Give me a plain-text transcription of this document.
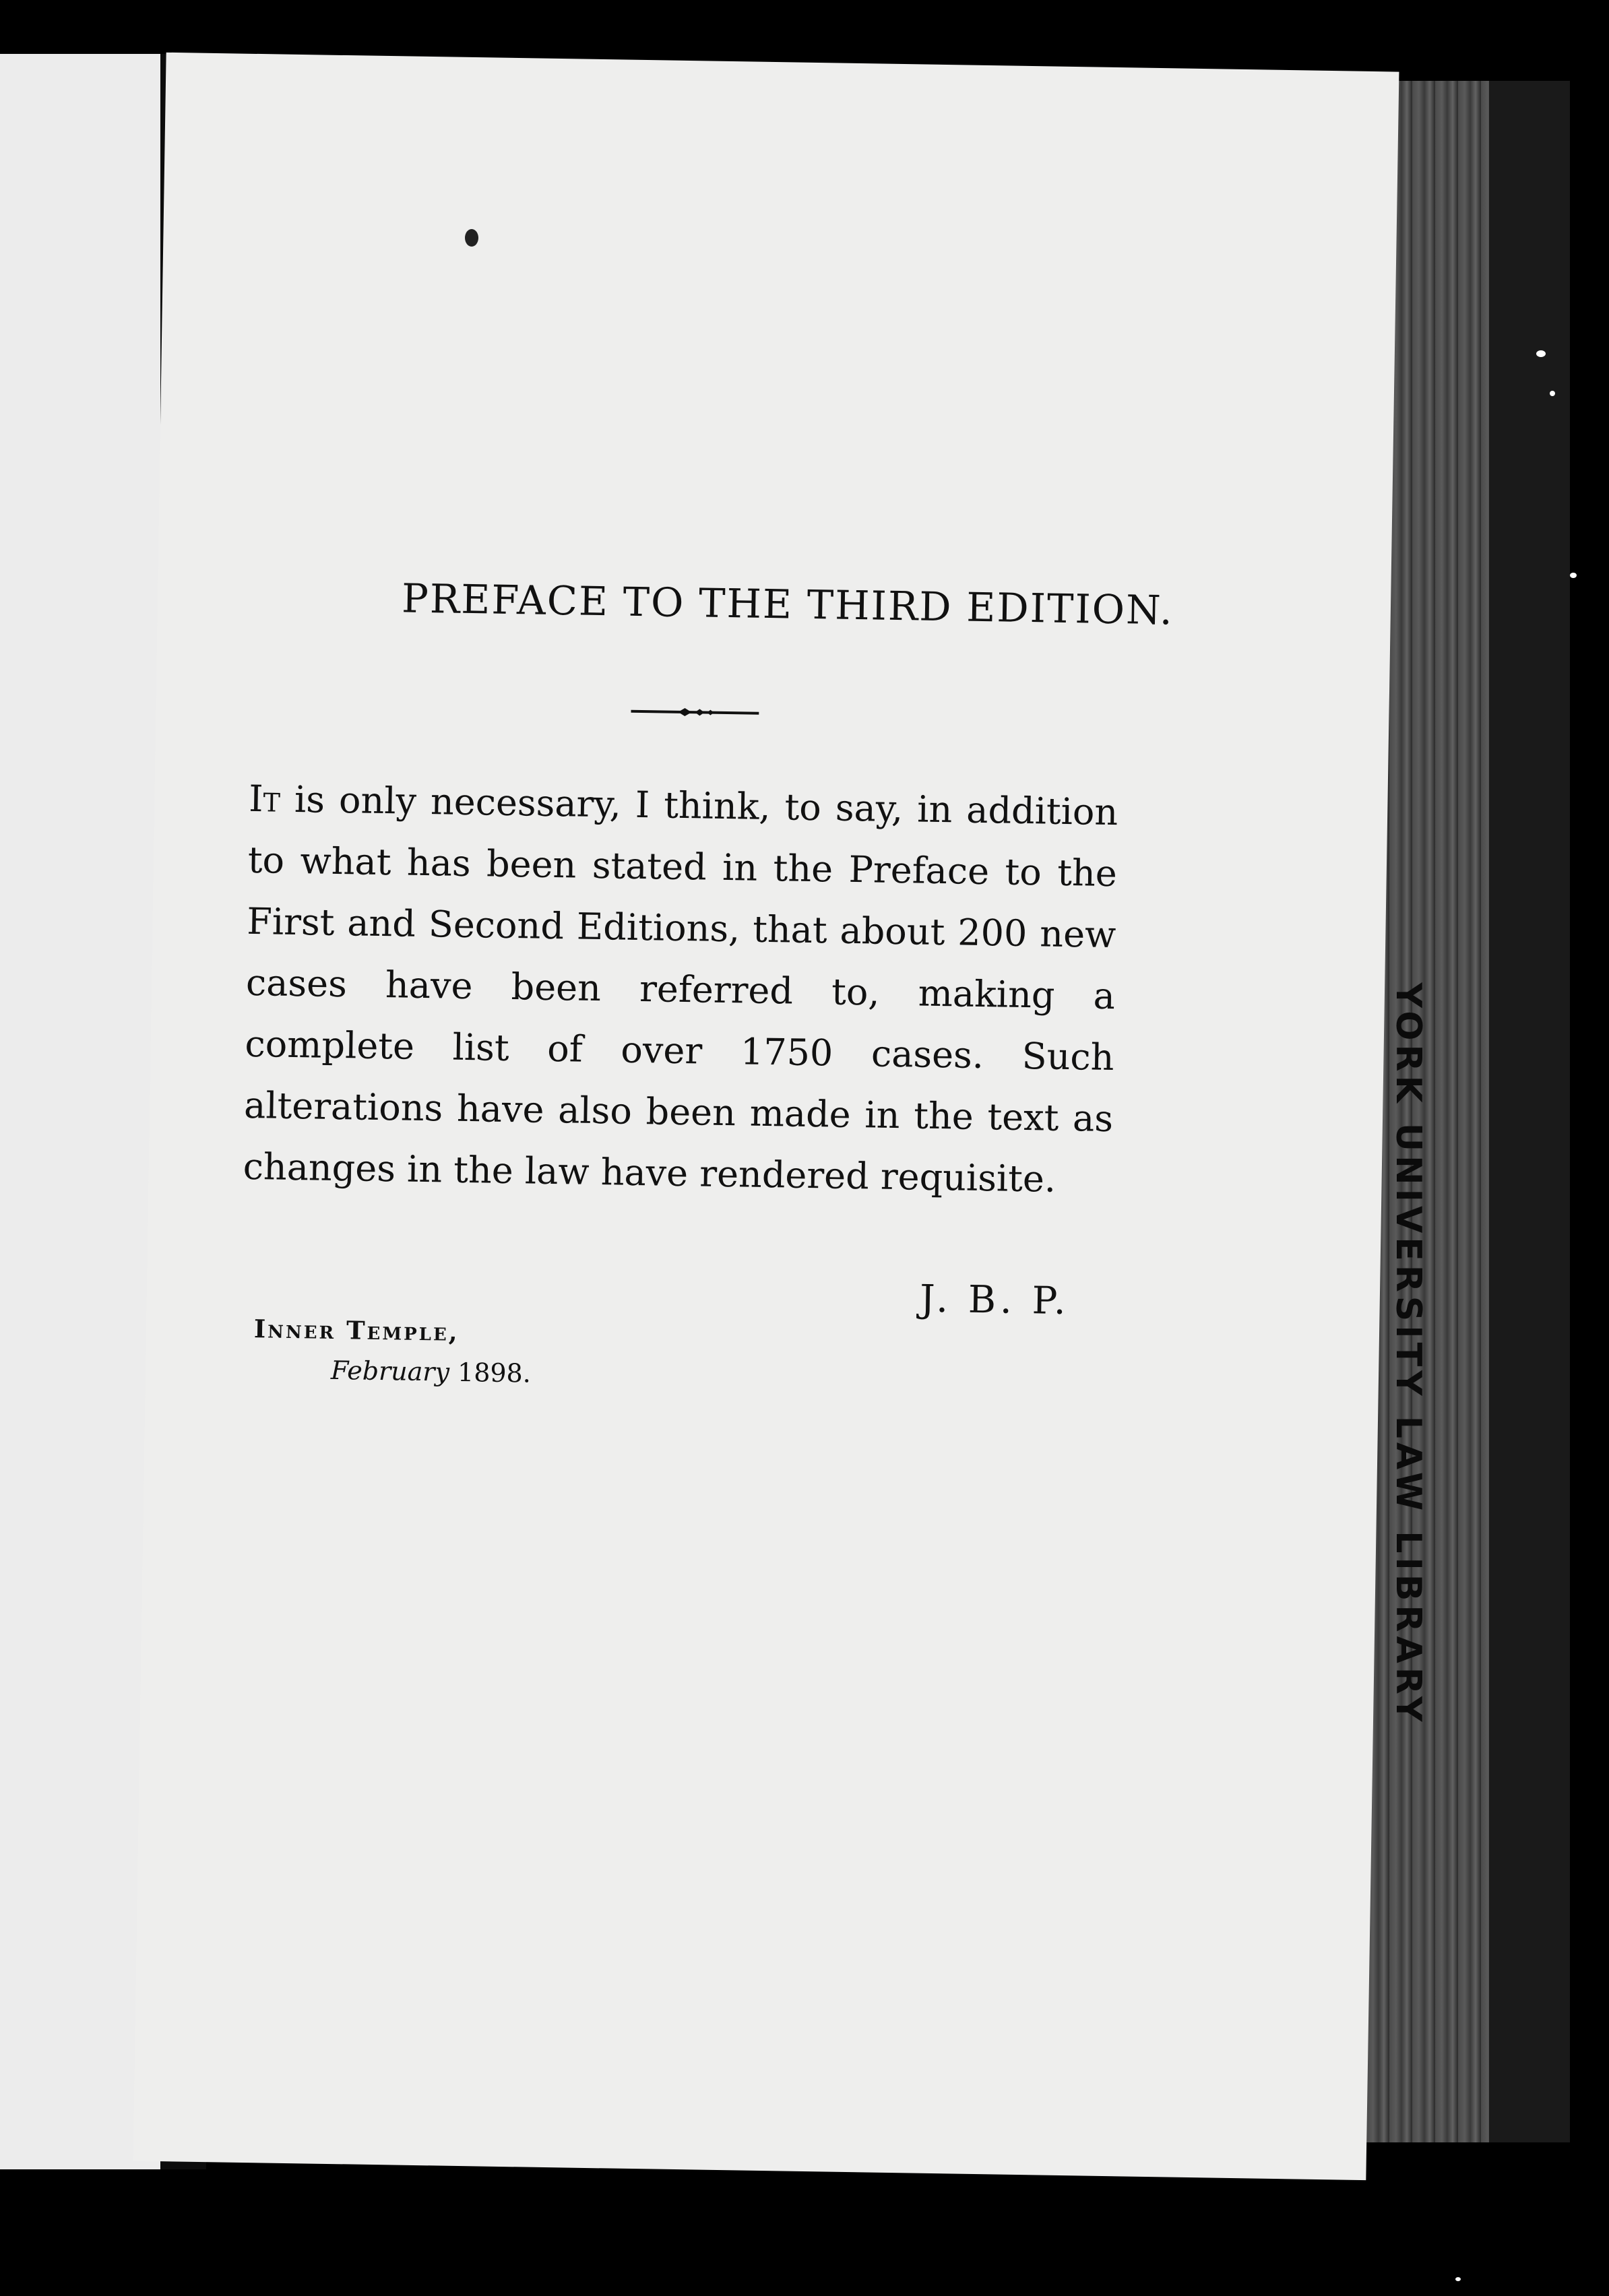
PREFACE TO THE THIRD EDITION.
It is only necessary, I think, to say, in addition to what has been stated in the Preface to the First and Second Editions, that about 200 new cases have been referred to, making a complete list of over 1750 cases. Such alterations have also been made in the text as changes in the law have rendered requisite.
J. B. P.
Inner Temple,
February 1898.	YORK UNIVERSITY LAW LIBRARY
